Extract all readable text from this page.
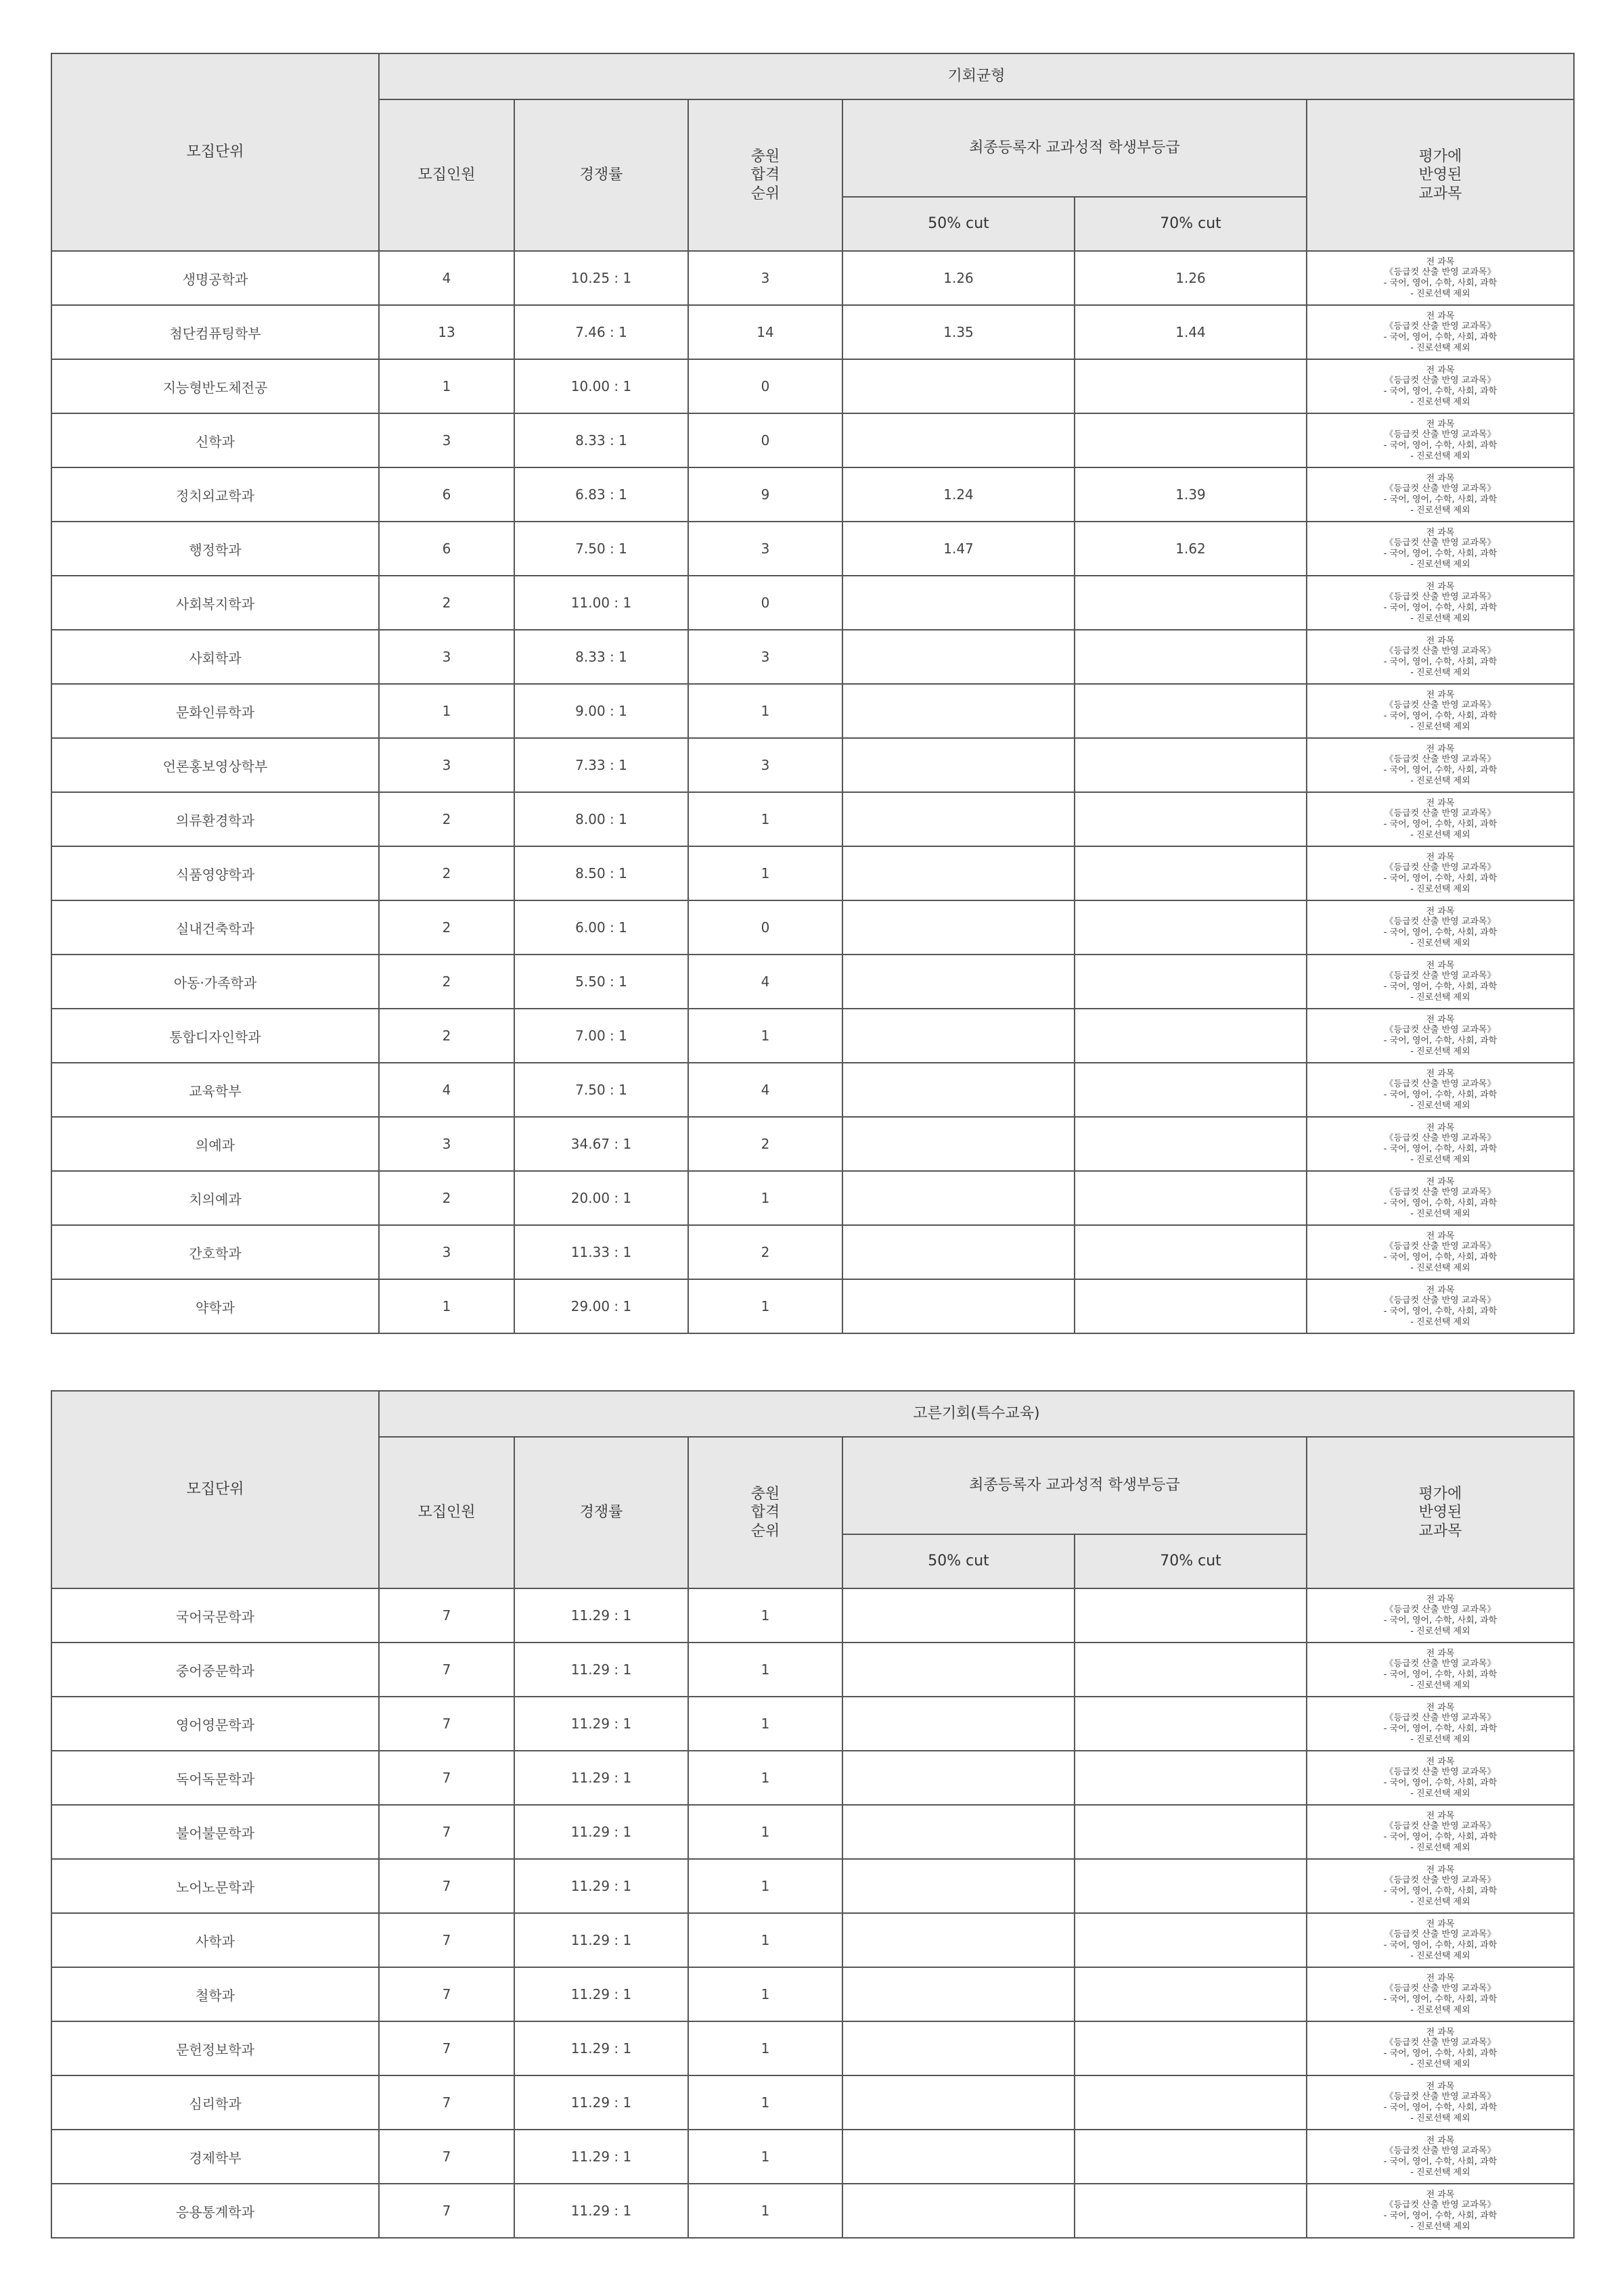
모집단위	기회균형					
	모집인원	경쟁률	충원
합격
순위	최종등록자 교과성적 학생부등급		평가에
반영된
교과목

				50% cut	70% cut	
생명공학과	4	10.25 : 1	3	1.26	1.26	전 과목
《등급컷 산출 반영 교과목》
- 국어, 영어, 수학, 사회, 과학
- 진로선택 제외

첨단컴퓨팅학부	13	7.46 : 1	14	1.35	1.44	전 과목
《등급컷 산출 반영 교과목》
- 국어, 영어, 수학, 사회, 과학
- 진로선택 제외

지능형반도체전공	1	10.00 : 1	0			전 과목
《등급컷 산출 반영 교과목》
- 국어, 영어, 수학, 사회, 과학
- 진로선택 제외

신학과	3	8.33 : 1	0			전 과목
《등급컷 산출 반영 교과목》
- 국어, 영어, 수학, 사회, 과학
- 진로선택 제외

정치외교학과	6	6.83 : 1	9	1.24	1.39	전 과목
《등급컷 산출 반영 교과목》
- 국어, 영어, 수학, 사회, 과학
- 진로선택 제외

행정학과	6	7.50 : 1	3	1.47	1.62	전 과목
《등급컷 산출 반영 교과목》
- 국어, 영어, 수학, 사회, 과학
- 진로선택 제외

사회복지학과	2	11.00 : 1	0			전 과목
《등급컷 산출 반영 교과목》
- 국어, 영어, 수학, 사회, 과학
- 진로선택 제외

사회학과	3	8.33 : 1	3			전 과목
《등급컷 산출 반영 교과목》
- 국어, 영어, 수학, 사회, 과학
- 진로선택 제외

문화인류학과	1	9.00 : 1	1			전 과목
《등급컷 산출 반영 교과목》
- 국어, 영어, 수학, 사회, 과학
- 진로선택 제외

언론홍보영상학부	3	7.33 : 1	3			전 과목
《등급컷 산출 반영 교과목》
- 국어, 영어, 수학, 사회, 과학
- 진로선택 제외

의류환경학과	2	8.00 : 1	1			전 과목
《등급컷 산출 반영 교과목》
- 국어, 영어, 수학, 사회, 과학
- 진로선택 제외

식품영양학과	2	8.50 : 1	1			전 과목
《등급컷 산출 반영 교과목》
- 국어, 영어, 수학, 사회, 과학
- 진로선택 제외

실내건축학과	2	6.00 : 1	0			전 과목
《등급컷 산출 반영 교과목》
- 국어, 영어, 수학, 사회, 과학
- 진로선택 제외

아동·가족학과	2	5.50 : 1	4			전 과목
《등급컷 산출 반영 교과목》
- 국어, 영어, 수학, 사회, 과학
- 진로선택 제외

통합디자인학과	2	7.00 : 1	1			전 과목
《등급컷 산출 반영 교과목》
- 국어, 영어, 수학, 사회, 과학
- 진로선택 제외

교육학부	4	7.50 : 1	4			전 과목
《등급컷 산출 반영 교과목》
- 국어, 영어, 수학, 사회, 과학
- 진로선택 제외

의예과	3	34.67 : 1	2			전 과목
《등급컷 산출 반영 교과목》
- 국어, 영어, 수학, 사회, 과학
- 진로선택 제외

치의예과	2	20.00 : 1	1			전 과목
《등급컷 산출 반영 교과목》
- 국어, 영어, 수학, 사회, 과학
- 진로선택 제외

간호학과	3	11.33 : 1	2			전 과목
《등급컷 산출 반영 교과목》
- 국어, 영어, 수학, 사회, 과학
- 진로선택 제외

약학과	1	29.00 : 1	1			전 과목
《등급컷 산출 반영 교과목》
- 국어, 영어, 수학, 사회, 과학
- 진로선택 제외
모집단위	고른기회(특수교육)					
	모집인원	경쟁률	충원
합격
순위	최종등록자 교과성적 학생부등급		평가에
반영된
교과목

				50% cut	70% cut	
국어국문학과	7	11.29 : 1	1			전 과목
《등급컷 산출 반영 교과목》
- 국어, 영어, 수학, 사회, 과학
- 진로선택 제외

중어중문학과	7	11.29 : 1	1			전 과목
《등급컷 산출 반영 교과목》
- 국어, 영어, 수학, 사회, 과학
- 진로선택 제외

영어영문학과	7	11.29 : 1	1			전 과목
《등급컷 산출 반영 교과목》
- 국어, 영어, 수학, 사회, 과학
- 진로선택 제외

독어독문학과	7	11.29 : 1	1			전 과목
《등급컷 산출 반영 교과목》
- 국어, 영어, 수학, 사회, 과학
- 진로선택 제외

불어불문학과	7	11.29 : 1	1			전 과목
《등급컷 산출 반영 교과목》
- 국어, 영어, 수학, 사회, 과학
- 진로선택 제외

노어노문학과	7	11.29 : 1	1			전 과목
《등급컷 산출 반영 교과목》
- 국어, 영어, 수학, 사회, 과학
- 진로선택 제외

사학과	7	11.29 : 1	1			전 과목
《등급컷 산출 반영 교과목》
- 국어, 영어, 수학, 사회, 과학
- 진로선택 제외

철학과	7	11.29 : 1	1			전 과목
《등급컷 산출 반영 교과목》
- 국어, 영어, 수학, 사회, 과학
- 진로선택 제외

문헌정보학과	7	11.29 : 1	1			전 과목
《등급컷 산출 반영 교과목》
- 국어, 영어, 수학, 사회, 과학
- 진로선택 제외

심리학과	7	11.29 : 1	1			전 과목
《등급컷 산출 반영 교과목》
- 국어, 영어, 수학, 사회, 과학
- 진로선택 제외

경제학부	7	11.29 : 1	1			전 과목
《등급컷 산출 반영 교과목》
- 국어, 영어, 수학, 사회, 과학
- 진로선택 제외

응용통계학과	7	11.29 : 1	1			전 과목
《등급컷 산출 반영 교과목》
- 국어, 영어, 수학, 사회, 과학
- 진로선택 제외
